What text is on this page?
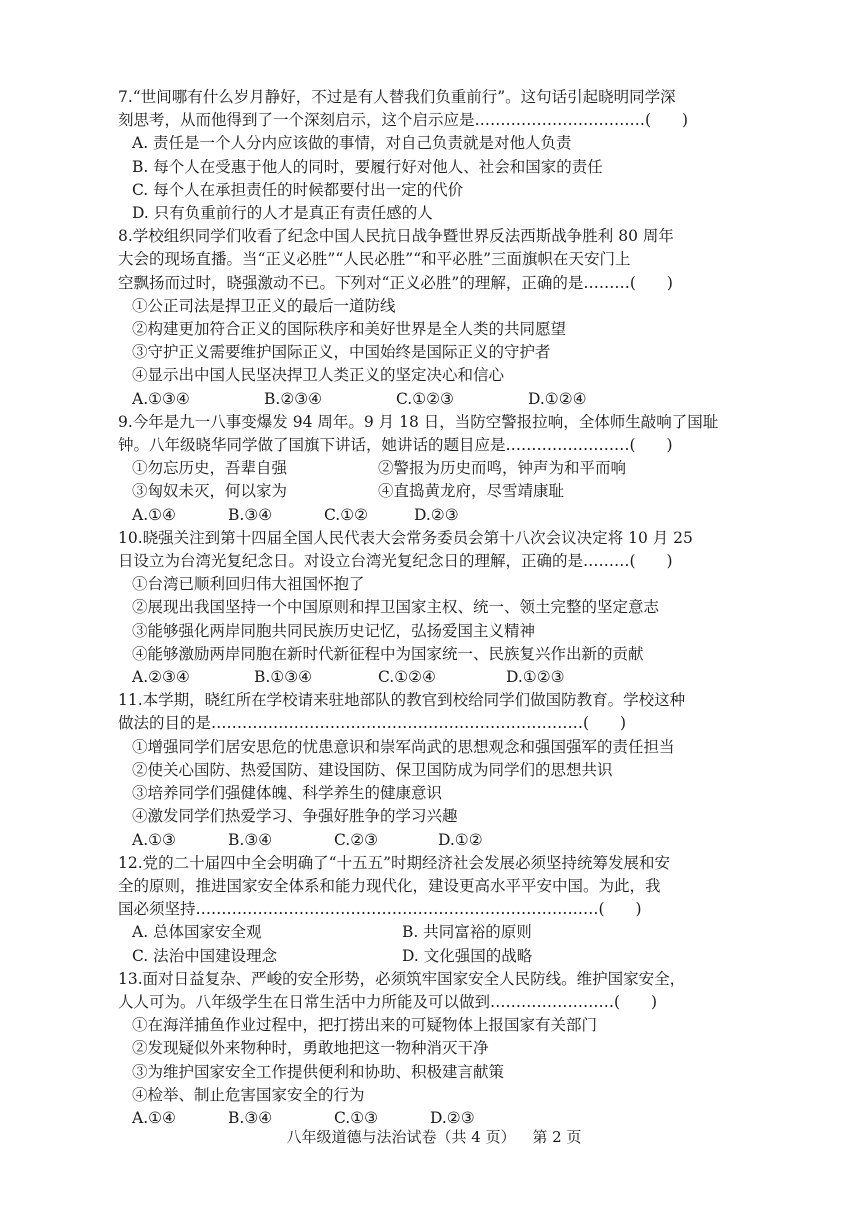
7.“世间哪有什么岁月静好，不过是有人替我们负重前行”。这句话引起晓明同学深
刻思考，从而他得到了一个深刻启示，这个启示应是……………………………(　　)
A. 责任是一个人分内应该做的事情，对自己负责就是对他人负责
B. 每个人在受惠于他人的同时，要履行好对他人、社会和国家的责任
C. 每个人在承担责任的时候都要付出一定的代价
D. 只有负重前行的人才是真正有责任感的人
8.学校组织同学们收看了纪念中国人民抗日战争暨世界反法西斯战争胜利 80 周年
大会的现场直播。当“正义必胜”“人民必胜”“和平必胜”三面旗帜在天安门上
空飘扬而过时，晓强激动不已。下列对“正义必胜”的理解，正确的是………(　　)
①公正司法是捍卫正义的最后一道防线
②构建更加符合正义的国际秩序和美好世界是全人类的共同愿望
③守护正义需要维护国际正义，中国始终是国际正义的守护者
④显示出中国人民坚决捍卫人类正义的坚定决心和信心
A.①③④	B.②③④	C.①②③	D.①②④
9.今年是九一八事变爆发 94 周年。9 月 18 日，当防空警报拉响，全体师生敲响了国耻
钟。八年级晓华同学做了国旗下讲话，她讲话的题目应是……………………(　　)
①勿忘历史，吾辈自强	②警报为历史而鸣，钟声为和平而响
③匈奴未灭，何以家为	④直捣黄龙府，尽雪靖康耻
A.①④	B.③④	C.①②	D.②③
10.晓强关注到第十四届全国人民代表大会常务委员会第十八次会议决定将 10 月 25
日设立为台湾光复纪念日。对设立台湾光复纪念日的理解，正确的是………(　　)
①台湾已顺利回归伟大祖国怀抱了
②展现出我国坚持一个中国原则和捍卫国家主权、统一、领土完整的坚定意志
③能够强化两岸同胞共同民族历史记忆，弘扬爱国主义精神
④能够激励两岸同胞在新时代新征程中为国家统一、民族复兴作出新的贡献
A.②③④	B.①③④	C.①②④	D.①②③
11.本学期，晓红所在学校请来驻地部队的教官到校给同学们做国防教育。学校这种
做法的目的是………………………………………………………………(　　)
①增强同学们居安思危的忧患意识和崇军尚武的思想观念和强国强军的责任担当
②使关心国防、热爱国防、建设国防、保卫国防成为同学们的思想共识
③培养同学们强健体魄、科学养生的健康意识
④激发同学们热爱学习、争强好胜争的学习兴趣
A.①③	B.③④	C.②③	D.①②
12.党的二十届四中全会明确了“十五五”时期经济社会发展必须坚持统筹发展和安
全的原则，推进国家安全体系和能力现代化，建设更高水平平安中国。为此，我
国必须坚持……………………………………………………………………(　　)
A. 总体国家安全观	B. 共同富裕的原则
C. 法治中国建设理念	D. 文化强国的战略
13.面对日益复杂、严峻的安全形势，必须筑牢国家安全人民防线。维护国家安全，
人人可为。八年级学生在日常生活中力所能及可以做到……………………(　　)
①在海洋捕鱼作业过程中，把打捞出来的可疑物体上报国家有关部门
②发现疑似外来物种时，勇敢地把这一物种消灭干净
③为维护国家安全工作提供便利和协助、积极建言献策
④检举、制止危害国家安全的行为
A.①④	B.③④	C.①③	D.②③
八年级道德与法治试卷（共 4 页） 第 2 页
